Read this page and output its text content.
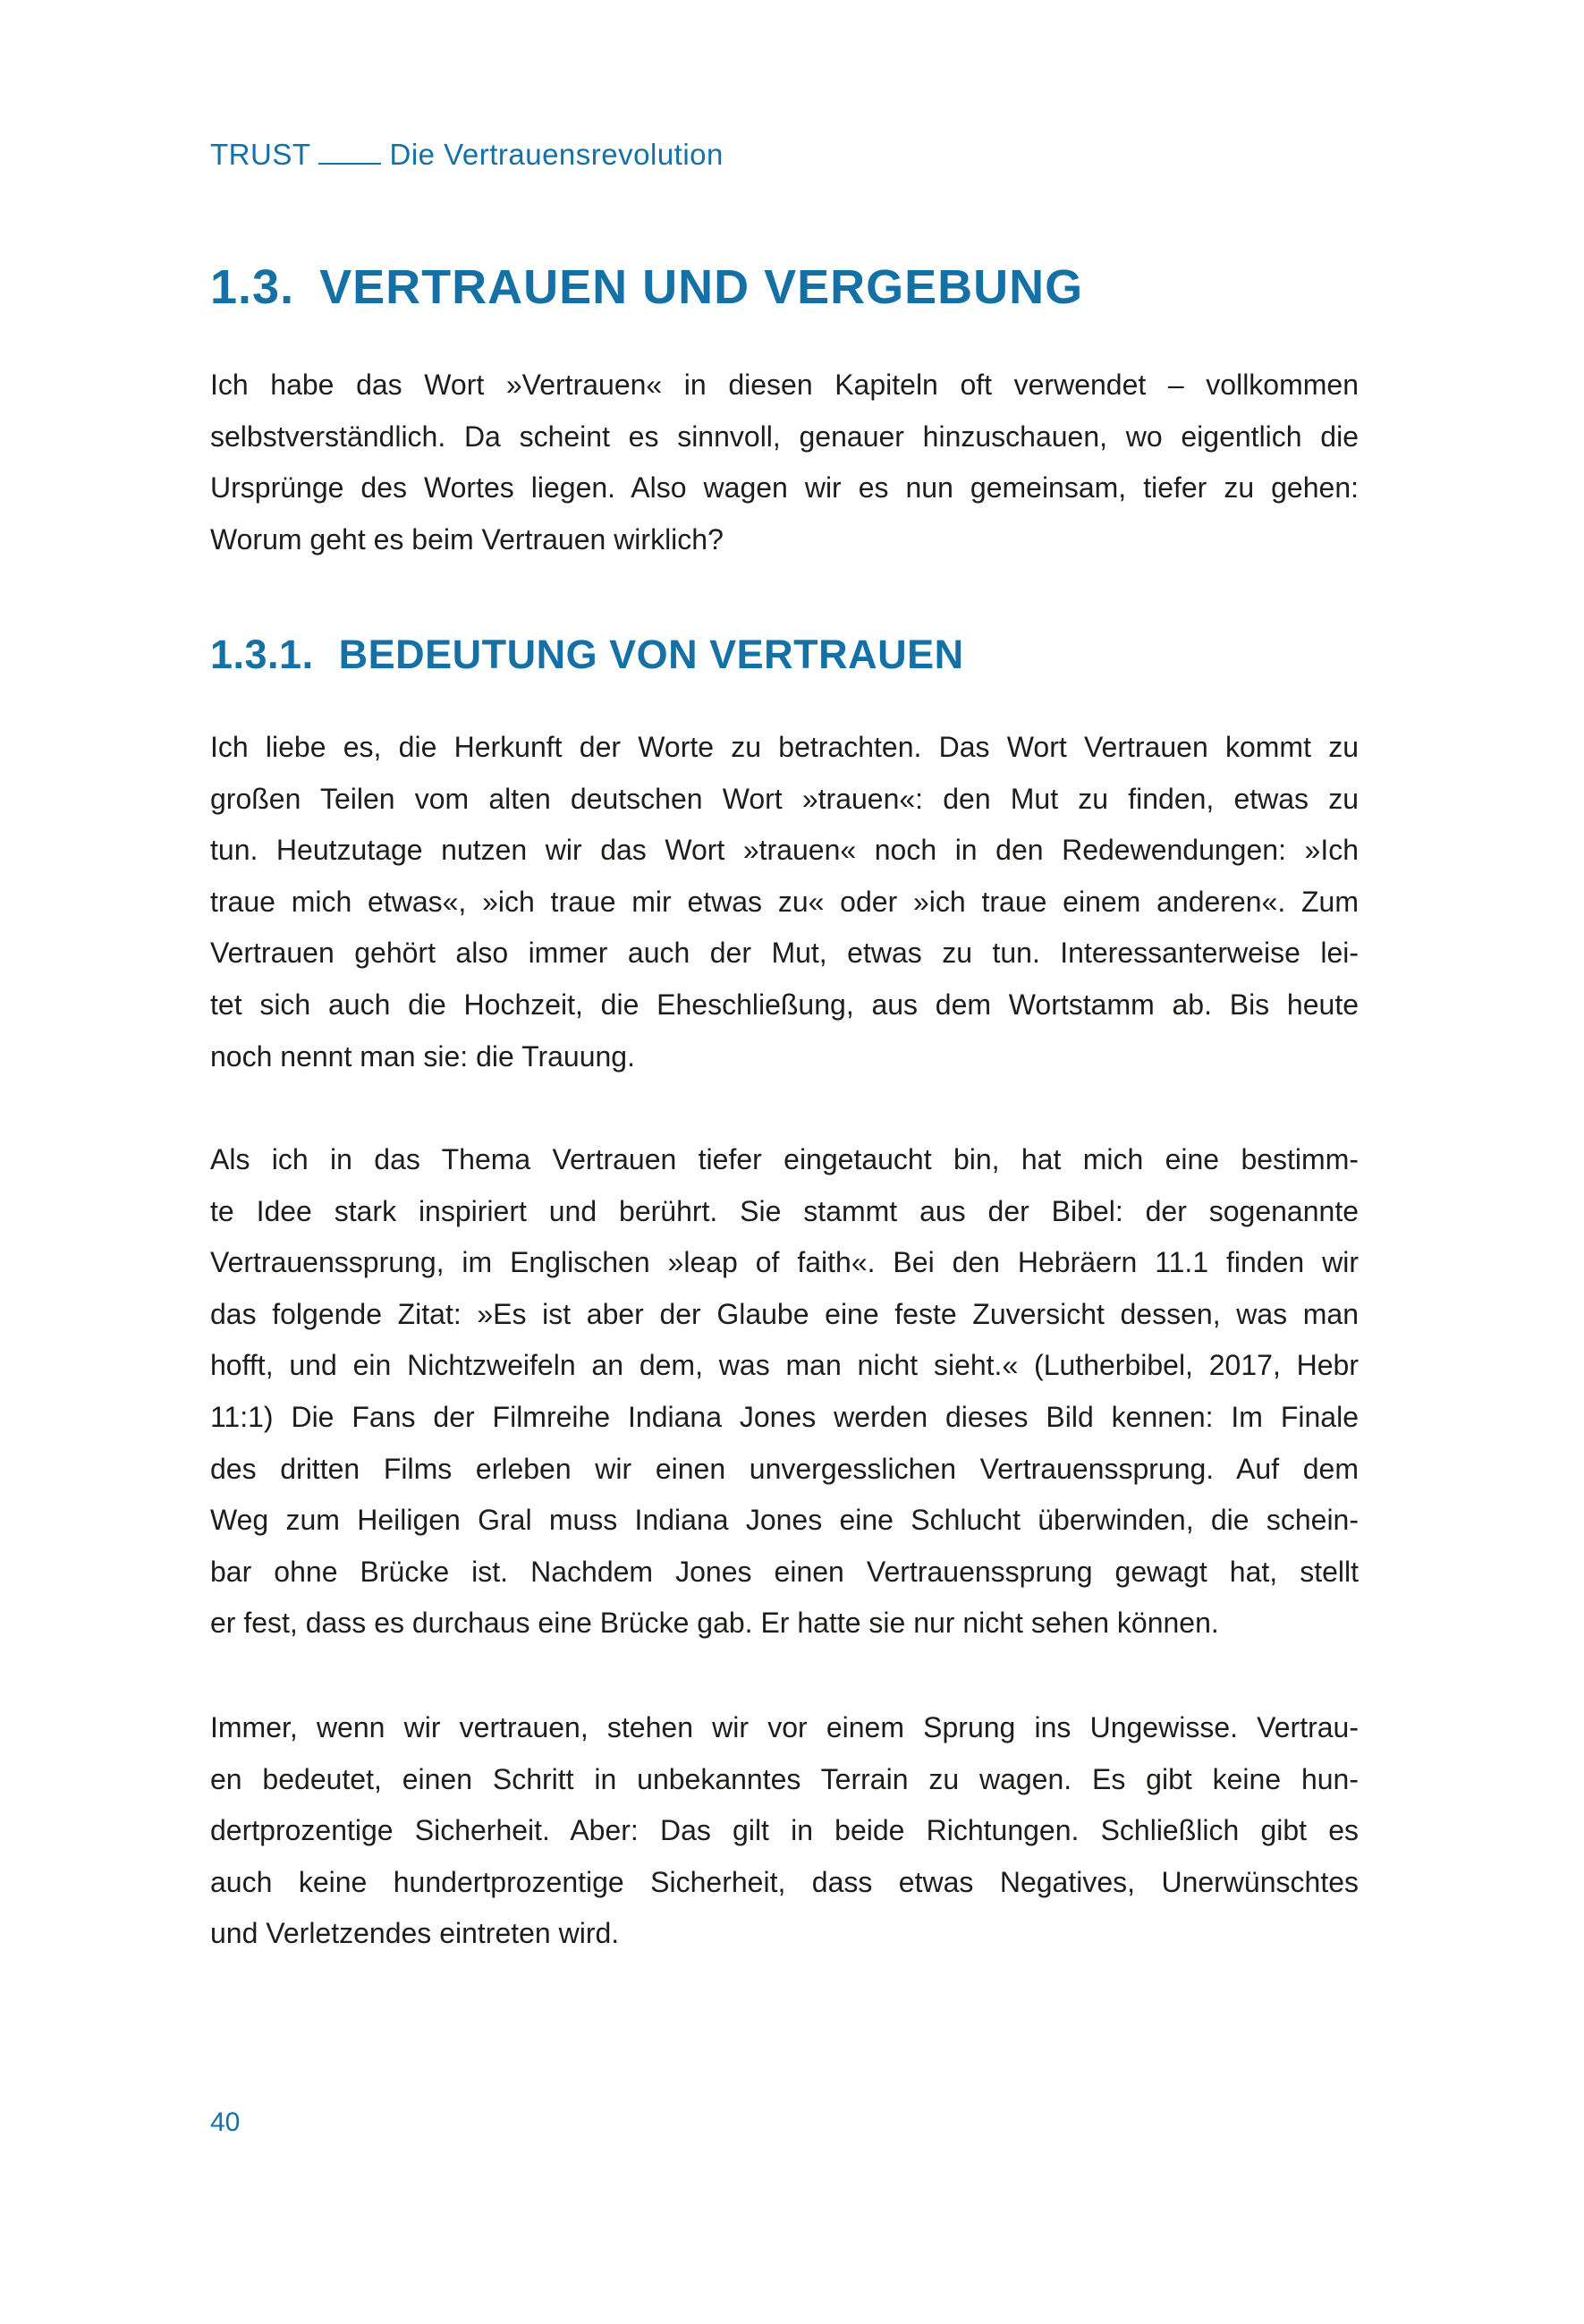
TRUST	Die Vertrauensrevolution
1.3. VERTRAUEN UND VERGEBUNG
Ich habe das Wort »Vertrauen« in diesen Kapiteln oft verwendet – vollkommen
selbstverständlich. Da scheint es sinnvoll, genauer hinzuschauen, wo eigentlich die
Ursprünge des Wortes liegen. Also wagen wir es nun gemeinsam, tiefer zu gehen:
Worum geht es beim Vertrauen wirklich?
1.3.1. BEDEUTUNG VON VERTRAUEN
Ich liebe es, die Herkunft der Worte zu betrachten. Das Wort Vertrauen kommt zu
großen Teilen vom alten deutschen Wort »trauen«: den Mut zu finden, etwas zu
tun. Heutzutage nutzen wir das Wort »trauen« noch in den Redewendungen: »Ich
traue mich etwas«, »ich traue mir etwas zu« oder »ich traue einem anderen«. Zum
Vertrauen gehört also immer auch der Mut, etwas zu tun. Interessanterweise lei-
tet sich auch die Hochzeit, die Eheschließung, aus dem Wortstamm ab. Bis heute
noch nennt man sie: die Trauung.
Als ich in das Thema Vertrauen tiefer eingetaucht bin, hat mich eine bestimm-
te Idee stark inspiriert und berührt. Sie stammt aus der Bibel: der sogenannte
Vertrauenssprung, im Englischen »leap of faith«. Bei den Hebräern 11.1 finden wir
das folgende Zitat: »Es ist aber der Glaube eine feste Zuversicht dessen, was man
hofft, und ein Nichtzweifeln an dem, was man nicht sieht.« (Lutherbibel, 2017, Hebr
11:1) Die Fans der Filmreihe Indiana Jones werden dieses Bild kennen: Im Finale
des dritten Films erleben wir einen unvergesslichen Vertrauenssprung. Auf dem
Weg zum Heiligen Gral muss Indiana Jones eine Schlucht überwinden, die schein-
bar ohne Brücke ist. Nachdem Jones einen Vertrauenssprung gewagt hat, stellt
er fest, dass es durchaus eine Brücke gab. Er hatte sie nur nicht sehen können.
Immer, wenn wir vertrauen, stehen wir vor einem Sprung ins Ungewisse. Vertrau-
en bedeutet, einen Schritt in unbekanntes Terrain zu wagen. Es gibt keine hun-
dertprozentige Sicherheit. Aber: Das gilt in beide Richtungen. Schließlich gibt es
auch keine hundertprozentige Sicherheit, dass etwas Negatives, Unerwünschtes
und Verletzendes eintreten wird.
40
